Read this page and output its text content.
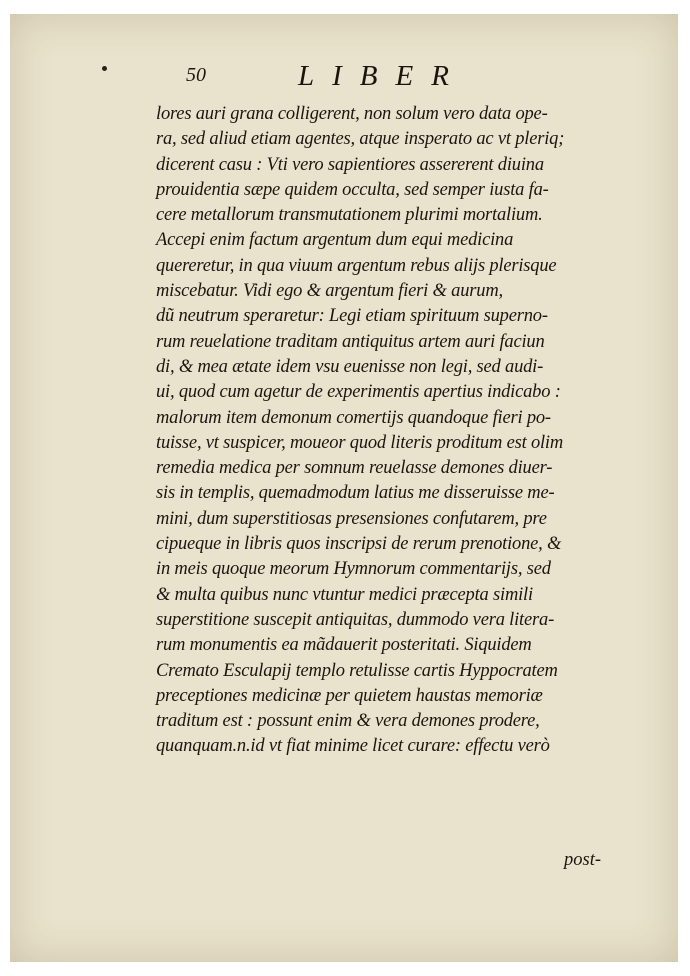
50	LIBER
lores auri grana colligerent, non solum vero data ope-
ra, sed aliud etiam agentes, atque insperato ac vt pleriq;
dicerent casu : Vti vero sapientiores assererent diuina
prouidentia sæpe quidem occulta, sed semper iusta fa-
cere metallorum transmutationem plurimi mortalium.
Accepi enim factum argentum dum equi medicina
quereretur, in qua viuum argentum rebus alijs plerisque
miscebatur. Vidi ego & argentum fieri & aurum,
dũ neutrum speraretur: Legi etiam spirituum superno-
rum reuelatione traditam antiquitus artem auri faciun
di, & mea ætate idem vsu euenisse non legi, sed audi-
ui, quod cum agetur de experimentis apertius indicabo :
malorum item demonum comertijs quandoque fieri po-
tuisse, vt suspicer, moueor quod literis proditum est olim
remedia medica per somnum reuelasse demones diuer-
sis in templis, quemadmodum latius me disseruisse me-
mini, dum superstitiosas presensiones confutarem, pre
cipueque in libris quos inscripsi de rerum prenotione, &
in meis quoque meorum Hymnorum commentarijs, sed
& multa quibus nunc vtuntur medici præcepta simili
superstitione suscepit antiquitas, dummodo vera litera-
rum monumentis ea mãdauerit posteritati. Siquidem
Cremato Esculapij templo retulisse cartis Hyppocratem
preceptiones medicinæ per quietem haustas memoriæ
traditum est : possunt enim & vera demones prodere,
quanquam.n.id vt fiat minime licet curare: effectu verò
post-
